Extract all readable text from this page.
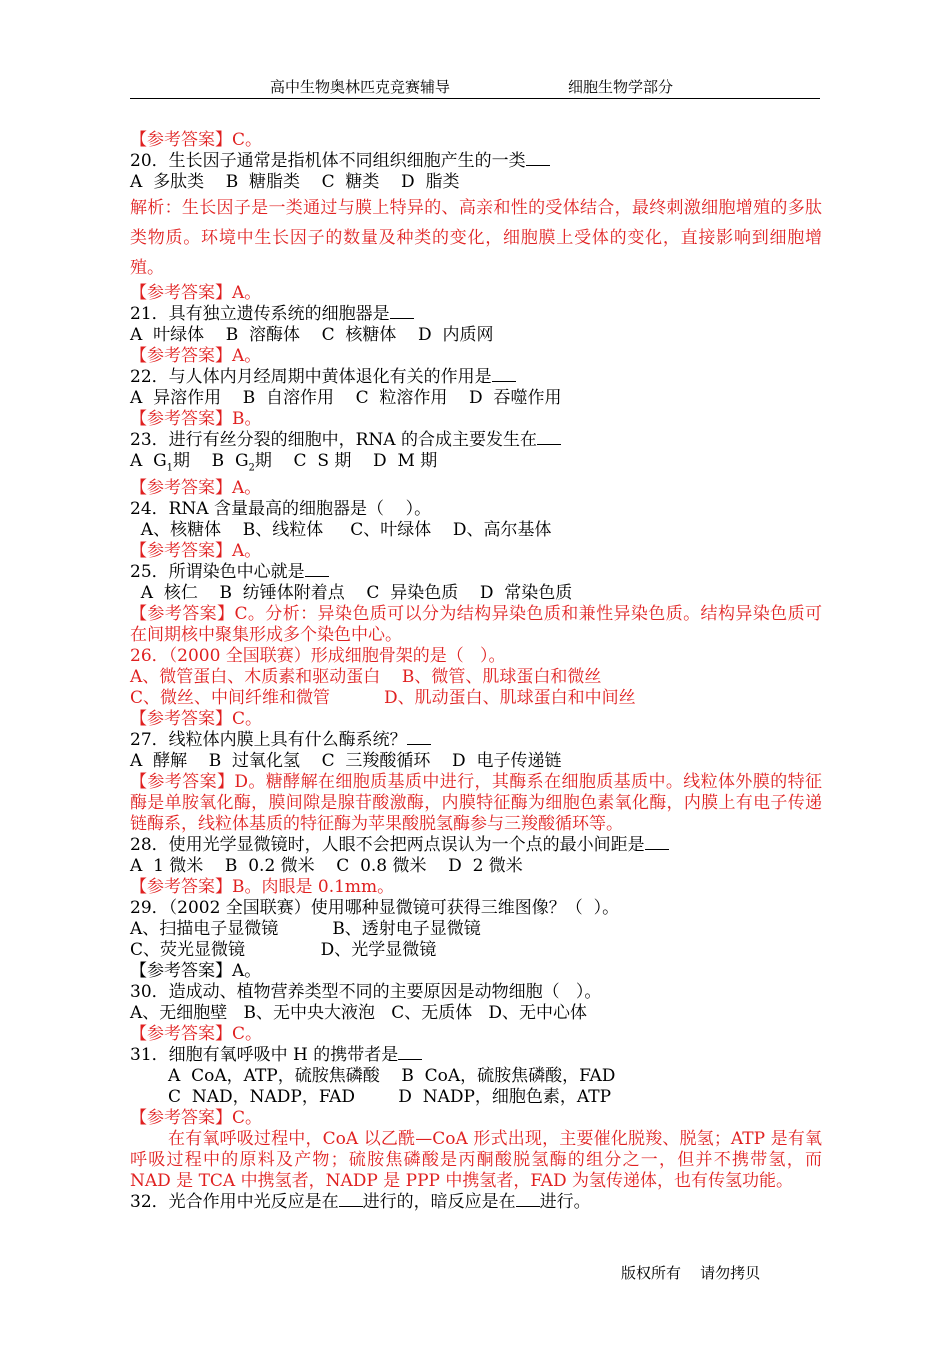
高中生物奥林匹克竞赛辅导	细胞生物学部分
【参考答案】C。
20．生长因子通常是指机体不同组织细胞产生的一类
A  多肽类    B  糖脂类    C  糖类    D  脂类
解析：生长因子是一类通过与膜上特异的、高亲和性的受体结合，最终刺激细胞增殖的多肽类物质。环境中生长因子的数量及种类的变化，细胞膜上受体的变化，直接影响到细胞增殖。
【参考答案】A。
21．具有独立遗传系统的细胞器是
A  叶绿体    B  溶酶体    C  核糖体    D  内质网
【参考答案】A。
22．与人体内月经周期中黄体退化有关的作用是
A  异溶作用    B  自溶作用    C  粒溶作用    D  吞噬作用
【参考答案】B。
23．进行有丝分裂的细胞中，RNA 的合成主要发生在
A  $G_1$期    B  $G_2$期    C  S 期    D  M 期
【参考答案】A。
24．RNA 含量最高的细胞器是（    ）。
A、核糖体    B、线粒体     C、叶绿体    D、高尔基体
【参考答案】A。
25．所谓染色中心就是
A  核仁    B  纺锤体附着点    C  异染色质    D  常染色质
【参考答案】C。分析：异染色质可以分为结构异染色质和兼性异染色质。结构异染色质可在间期核中聚集形成多个染色中心。
26．（2000 全国联赛）形成细胞骨架的是（   ）。
A、微管蛋白、木质素和驱动蛋白    B、微管、肌球蛋白和微丝
C、微丝、中间纤维和微管          D、肌动蛋白、肌球蛋白和中间丝
【参考答案】C。
27．线粒体内膜上具有什么酶系统？
A  酵解    B  过氧化氢    C  三羧酸循环    D  电子传递链
【参考答案】D。糖酵解在细胞质基质中进行，其酶系在细胞质基质中。线粒体外膜的特征酶是单胺氧化酶，膜间隙是腺苷酸激酶，内膜特征酶为细胞色素氧化酶，内膜上有电子传递链酶系，线粒体基质的特征酶为苹果酸脱氢酶参与三羧酸循环等。
28．使用光学显微镜时，人眼不会把两点误认为一个点的最小间距是
A  1 微米    B  0.2 微米    C  0.8 微米    D  2 微米
【参考答案】B。肉眼是 0.1mm。
29．（2002 全国联赛）使用哪种显微镜可获得三维图像？（  ）。
A、扫描电子显微镜          B、透射电子显微镜
C、荧光显微镜              D、光学显微镜
【参考答案】A。
30．造成动、植物营养类型不同的主要原因是动物细胞（   ）。
A、无细胞壁   B、无中央大液泡   C、无质体   D、无中心体
【参考答案】C。
31．细胞有氧呼吸中 H 的携带者是
A  CoA，ATP，硫胺焦磷酸    B  CoA，硫胺焦磷酸，FAD
C  NAD，NADP，FAD        D  NADP，细胞色素，ATP
【参考答案】C。
在有氧呼吸过程中，CoA 以乙酰—CoA 形式出现，主要催化脱羧、脱氢；ATP 是有氧呼吸过程中的原料及产物；硫胺焦磷酸是丙酮酸脱氢酶的组分之一，但并不携带氢，而 NAD 是 TCA 中携氢者，NADP 是 PPP 中携氢者，FAD 为氢传递体，也有传氢功能。
32．光合作用中光反应是在 进行的，暗反应是在 进行。
版权所有    请勿拷贝
